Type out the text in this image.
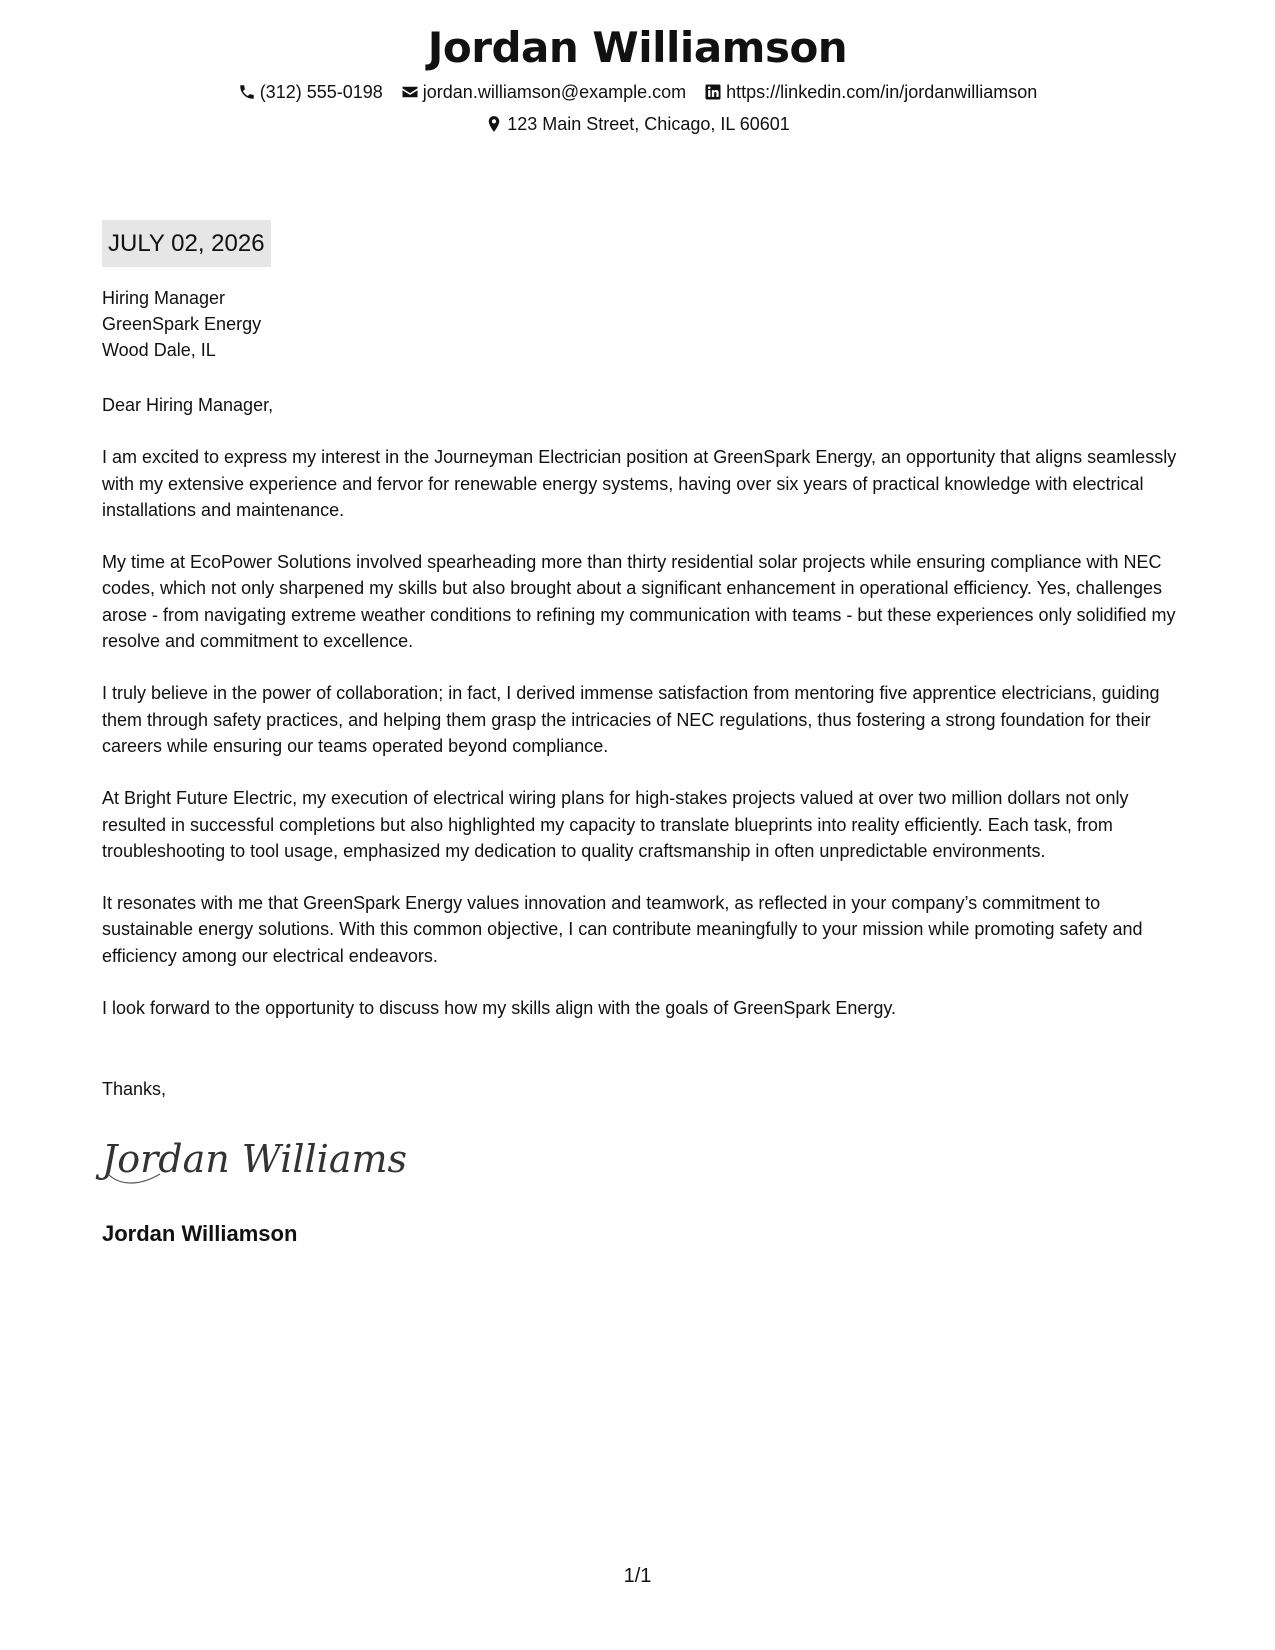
Jordan Williamson
(312) 555-0198 jordan.williamson@example.com https://linkedin.com/in/jordanwilliamson
123 Main Street, Chicago, IL 60601
JULY 02, 2026
Hiring Manager
GreenSpark Energy
Wood Dale, IL

Dear Hiring Manager,

I am excited to express my interest in the Journeyman Electrician position at GreenSpark Energy, an opportunity that aligns seamlessly with my extensive experience and fervor for renewable energy systems, having over six years of practical knowledge with electrical installations and maintenance.

My time at EcoPower Solutions involved spearheading more than thirty residential solar projects while ensuring compliance with NEC codes, which not only sharpened my skills but also brought about a significant enhancement in operational efficiency. Yes, challenges arose - from navigating extreme weather conditions to refining my communication with teams - but these experiences only solidified my resolve and commitment to excellence.

I truly believe in the power of collaboration; in fact, I derived immense satisfaction from mentoring five apprentice electricians, guiding them through safety practices, and helping them grasp the intricacies of NEC regulations, thus fostering a strong foundation for their careers while ensuring our teams operated beyond compliance.

At Bright Future Electric, my execution of electrical wiring plans for high-stakes projects valued at over two million dollars not only resulted in successful completions but also highlighted my capacity to translate blueprints into reality efficiently. Each task, from troubleshooting to tool usage, emphasized my dedication to quality craftsmanship in often unpredictable environments.

It resonates with me that GreenSpark Energy values innovation and teamwork, as reflected in your company’s commitment to sustainable energy solutions. With this common objective, I can contribute meaningfully to your mission while promoting safety and efficiency among our electrical endeavors.

I look forward to the opportunity to discuss how my skills align with the goals of GreenSpark Energy.

Thanks,
Jordan Williams
Jordan Williamson
1/1
